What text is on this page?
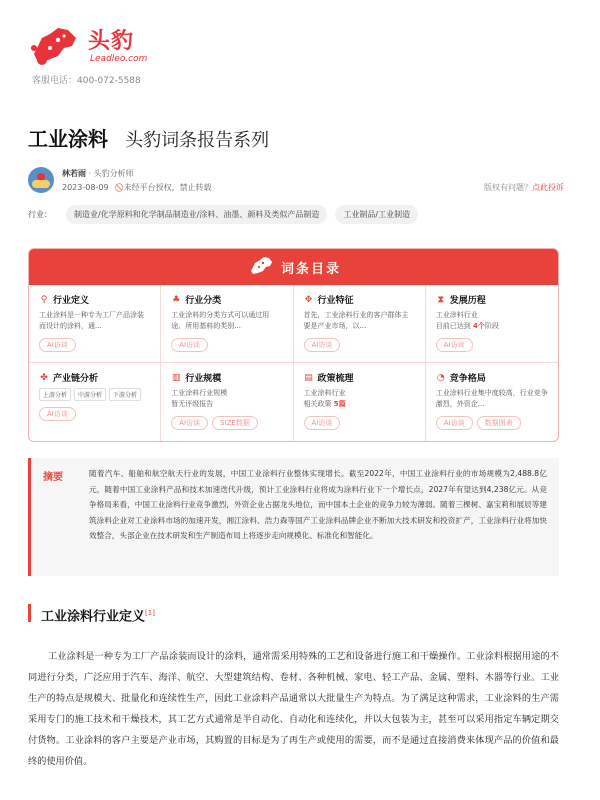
头豹
Leadleo.com
客服电话：400-072-5588
工业涂料 头豹词条报告系列
林若雨 · 头豹分析师
2023-08-09 未经平台授权，禁止转载	版权有问题？点此投诉
行业：	制造业/化学原料和化学制品制造业/涂料、油墨、颜料及类似产品制造	工业制品/工业制造
词条目录
⚲ 行业定义
工业涂料是一种专为工厂产品涂装而设计的涂料，通...
AI访谈
♣ 行业分类
工业涂料的分类方式可以通过用途、所用基料的类别...
AI访谈
✥ 行业特征
首先，工业涂料行业的客户群体主要是产业市场，以...
AI访谈
⧗ 发展历程
工业涂料行业
目前已达到 4个阶段
AI访谈
✤ 产业链分析
上游分析	中游分析	下游分析
AI访谈
▥ 行业规模
工业涂料行业规模
暂无评级报告
AI访谈	SIZE数据
▤ 政策梳理
工业涂料行业
相关政策 5篇
AI访谈
◔ 竞争格局
工业涂料行业集中度较高，行业竞争激烈，外资企...
AI访谈	数据图表
摘要	随着汽车、船舶和航空航天行业的发展，中国工业涂料行业整体实现增长。截至2022年，中国工业涂料行业的市场规模为2,488.8亿元，随着中国工业涂料产品和技术加速迭代升级，预计工业涂料行业将成为涂料行业下一个增长点，2027年有望达到4,238亿元。从竞争格局来看，中国工业涂料行业竞争激烈，外资企业占据龙头地位，而中国本土企业的竞争力较为薄弱。随着三棵树、嘉宝莉和展辰等建筑涂料企业对工业涂料市场的加速开发，湘江涂料、浩力森等国产工业涂料品牌企业不断加大技术研发和投资扩产，工业涂料行业将加快效整合，头部企业在技术研发和生产制造布局上将逐步走向规模化、标准化和智能化。
工业涂料行业定义[1]
工业涂料是一种专为工厂产品涂装而设计的涂料，通常需采用特殊的工艺和设备进行施工和干燥操作。工业涂料根据用途的不同进行分类，广泛应用于汽车、海洋、航空、大型建筑结构、卷材、各种机械、家电、轻工产品、金属、塑料、木器等行业。工业生产的特点是规模大、批量化和连续性生产，因此工业涂料产品通常以大批量生产为特点。为了满足这种需求，工业涂料的生产需采用专门的施工技术和干燥技术，其工艺方式通常是半自动化、自动化和连续化，并以大包装为主，甚至可以采用指定车辆定期交付货物。工业涂料的客户主要是产业市场，其购置的目标是为了再生产或使用的需要，而不是通过直接消费来体现产品的价值和最终的使用价值。
